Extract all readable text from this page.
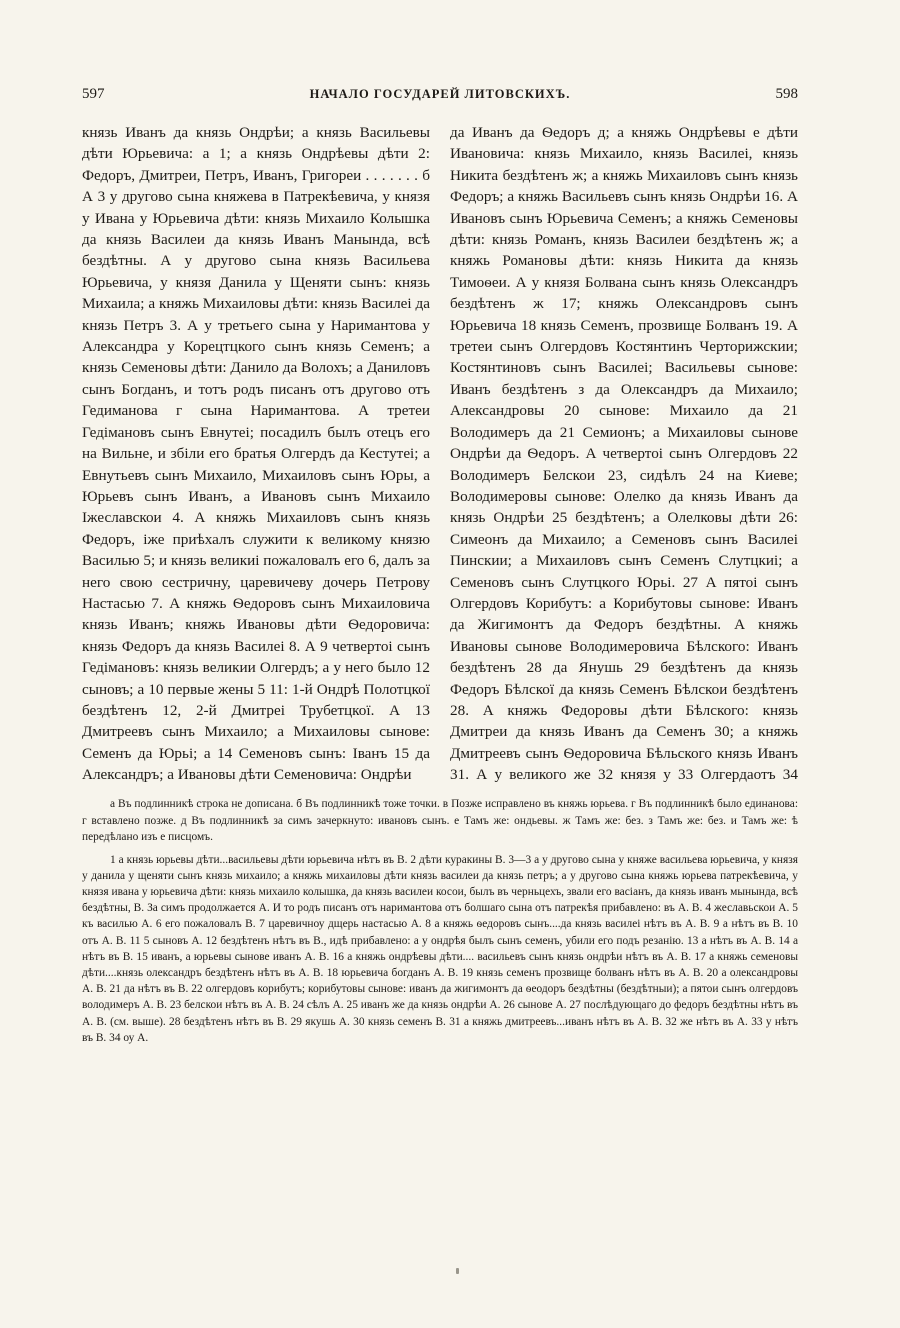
597	НАЧАЛО ГОСУДАРЕЙ ЛИТОВСКИХЪ.	598

князь Иванъ да князь Ондрѣи; а князь Васильевы дѣти Юрьевича: а 1; а князь Ондрѣевы дѣти 2: Федоръ, Дмитреи, Петръ, Иванъ, Григореи . . . . . . . б А 3 у другово сына княжева в Патрекѣевича, у князя у Ивана у Юрьевича дѣти: князь Михаило Колышка да князь Василеи да князь Иванъ Манында, всѣ бездѣтны. А у другово сына князь Васильева Юрьевича, у князя Данила у Щеняти сынъ: князь Михаила; а княжь Михаиловы дѣти: князь Василеі да князь Петръ 3. А у третьего сына у Наримантова у Александра у Корецтцкого сынъ князь Семенъ; а князь Семеновы дѣти: Данило да Волохъ; а Даниловъ сынъ Богданъ, и тотъ родъ писанъ отъ другово отъ Гедиманова г сына Наримантова. А третеи Гедімановъ сынъ Евнутеі; посадилъ былъ отецъ его на Вильне, и збіли его братья Олгердъ да Кестутеі; а Евнутьевъ сынъ Михаило, Михаиловъ сынъ Юры, а Юрьевъ сынъ Иванъ, а Ивановъ сынъ Михаило Іжеславскои 4. А княжь Михаиловъ сынъ князь Федоръ, іже приѣхалъ служити к великому князю Василью 5; и князь великиі пожаловалъ его 6, далъ за него свою сестричну, царевичеву дочерь Петрову Настасью 7. А княжь Ѳедоровъ сынъ Михаиловича князь Иванъ; княжь Ивановы дѣти Ѳедоровича: князь Федоръ да князь Василеі 8. А 9 четвертоі сынъ Гедімановъ: князь великии Олгердъ; а у него было 12 сыновъ; а 10 первые жены 5 11: 1-й Ондрѣ Полотцкої бездѣтенъ 12, 2-й Дмитреі Трубетцкої. А 13 Дмитреевъ сынъ Михаило; а Михаиловы сынове: Семенъ да Юрьі; а 14 Семеновъ сынъ: Іванъ 15 да Александръ; а Ивановы дѣти Семеновича: Ондрѣи

да Иванъ да Ѳедоръ д; а княжь Ондрѣевы е дѣти Ивановича: князь Михаило, князь Василеі, князь Никита бездѣтенъ ж; а княжь Михаиловъ сынъ князь Федоръ; а княжь Васильевъ сынъ князь Ондрѣи 16. А Ивановъ сынъ Юрьевича Семенъ; а княжь Семеновы дѣти: князь Романъ, князь Василеи бездѣтенъ ж; а княжь Романовы дѣти: князь Никита да князь Тимоѳеи. А у князя Болвана сынъ князь Олександръ бездѣтенъ ж 17; княжь Олександровъ сынъ Юрьевича 18 князь Семенъ, прозвище Болванъ 19. А третеи сынъ Олгердовъ Костянтинъ Черторижскии; Костянтиновъ сынъ Василеі; Васильевы сынове: Иванъ бездѣтенъ з да Олександръ да Михаило; Александровы 20 сынове: Михаило да 21 Володимеръ да 21 Семионъ; а Михаиловы сынове Ондрѣи да Ѳедоръ. А четвертоі сынъ Олгердовъ 22 Володимеръ Белскои 23, сидѣлъ 24 на Киеве; Володимеровы сынове: Олелко да князь Иванъ да князь Ондрѣи 25 бездѣтенъ; а Олелковы дѣти 26: Симеонъ да Михаило; а Семеновъ сынъ Василеі Пинскии; а Михаиловъ сынъ Семенъ Слутцкиі; а Семеновъ сынъ Слутцкого Юрьі. 27 А пятоі сынъ Олгердовъ Корибутъ: а Корибутовы сынове: Иванъ да Жигимонтъ да Федоръ бездѣтны. А княжь Ивановы сынове Володимеровича Бѣлского: Иванъ бездѣтенъ 28 да Янушь 29 бездѣтенъ да князь Федоръ Бѣлскої да князь Семенъ Бѣлскои бездѣтенъ 28. А княжь Федоровы дѣти Бѣлского: князь Дмитреи да князь Иванъ да Семенъ 30; а княжь Дмитреевъ сынъ Ѳедоровича Бѣльского князь Иванъ 31. А у великого же 32 князя у 33 Олгердаотъ 34

а Въ подлинникѣ строка не дописана. б Въ подлинникѣ тоже точки. в Позже исправлено въ княжь юрьева. г Въ подлинникѣ было единанова: г вставлено позже. д Въ подлинникѣ за симъ зачеркнуто: ивановъ сынъ. е Тамъ же: ондьевы. ж Тамъ же: без. з Тамъ же: без. и Тамъ же: ѣ передѣлано изъ е писцомъ.

1 а князь юрьевы дѣти...васильевы дѣти юрьевича нѣтъ въ В. 2 дѣти куракины В. 3—3 а у другово сына у княже васильева юрьевича, у князя у данила у щеняти сынъ князь михаило; а княжь михаиловы дѣти князь василеи да князь петръ; а у другово сына княжь юрьева патрекѣевича, у князя ивана у юрьевича дѣти: князь михаило колышка, да князь василеи косои, былъ въ черньцехъ, звали его васіанъ, да князь иванъ мынында, всѣ бездѣтны, В. За симъ продолжается А. И то родъ писанъ отъ наримантова отъ болшаго сына отъ патрекѣя прибавлено: въ А. В. 4 жеславьскои А. 5 къ василью А. 6 его пожаловалъ В. 7 царевичноу дщерь настасью А. 8 а княжь ѳедоровъ сынъ....да князь василеі нѣтъ въ А. В. 9 а нѣтъ въ В. 10 отъ А. В. 11 5 сыновъ А. 12 бездѣтенъ нѣтъ въ В., идѣ прибавлено: а у ондрѣя былъ сынъ семенъ, убили его подъ резанію. 13 а нѣтъ въ А. В. 14 а нѣтъ въ В. 15 иванъ, а юрьевы сынове иванъ А. В. 16 а княжь ондрѣевы дѣти.... васильевъ сынъ князь ондрѣи нѣтъ въ А. В. 17 а княжь семеновы дѣти....князь олександръ бездѣтенъ нѣтъ въ А. В. 18 юрьевича богданъ А. В. 19 князь семенъ прозвище болванъ нѣтъ въ А. В. 20 а олександровы А. В. 21 да нѣтъ въ В. 22 олгердовъ корибутъ; корибутовы сынове: иванъ да жигимонтъ да ѳеодоръ бездѣтны (бездѣтныи); а пятои сынъ олгердовъ володимеръ А. В. 23 белскои нѣтъ въ А. В. 24 сѣлъ А. 25 иванъ же да князь ондрѣи А. 26 сынове А. 27 послѣдующаго до федоръ бездѣтны нѣтъ въ А. В. (см. выше). 28 бездѣтенъ нѣтъ въ В. 29 якушь А. 30 князь семенъ В. 31 а княжь дмитреевъ...иванъ нѣтъ въ А. В. 32 же нѣтъ въ А. 33 у нѣтъ въ В. 34 оу А.
